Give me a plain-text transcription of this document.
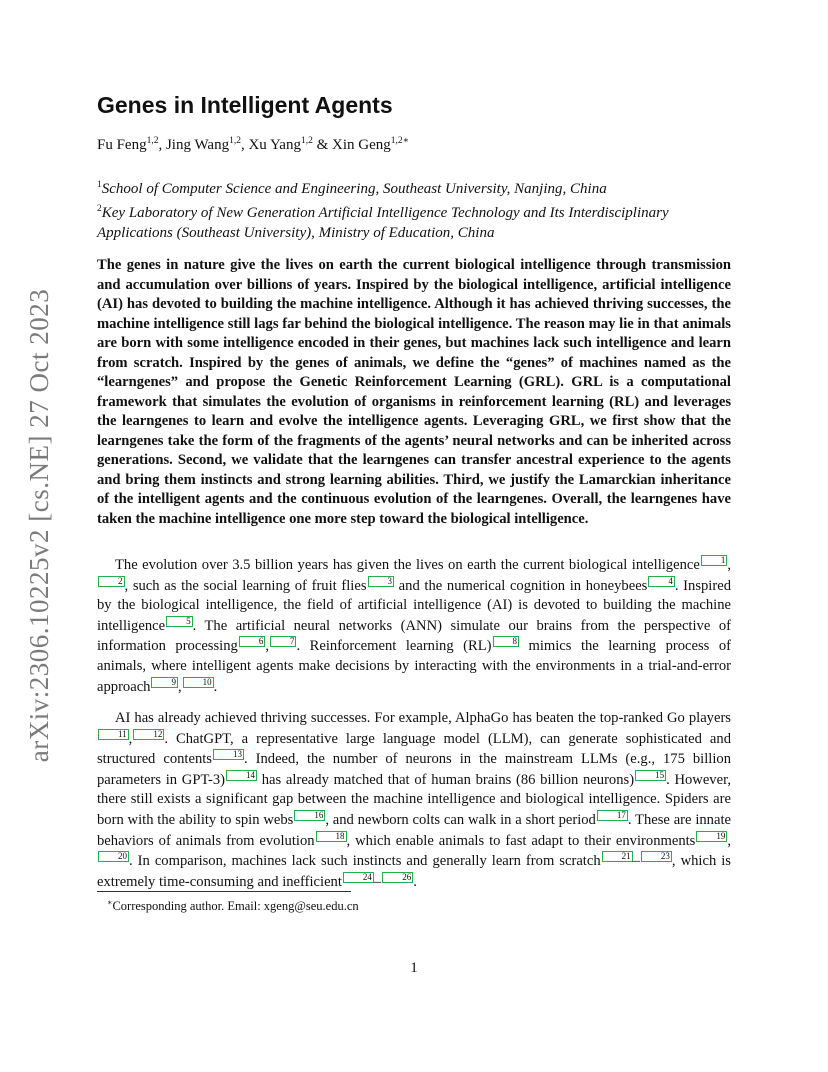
arXiv:2306.10225v2 [cs.NE] 27 Oct 2023
Genes in Intelligent Agents
Fu Feng$^{1,2}$, Jing Wang$^{1,2}$, Xu Yang$^{1,2}$ & Xin Geng$^{1,2∗}$
$^1$School of Computer Science and Engineering, Southeast University, Nanjing, China
$^2$Key Laboratory of New Generation Artificial Intelligence Technology and Its Interdisciplinary Applications (Southeast University), Ministry of Education, China
The genes in nature give the lives on earth the current biological intelligence through transmission and accumulation over billions of years. Inspired by the biological intelligence, artificial intelligence (AI) has devoted to building the machine intelligence. Although it has achieved thriving successes, the machine intelligence still lags far behind the biological intelligence. The reason may lie in that animals are born with some intelligence encoded in their genes, but machines lack such intelligence and learn from scratch. Inspired by the genes of animals, we define the “genes” of machines named as the “learngenes” and propose the Genetic Reinforcement Learning (GRL). GRL is a computational framework that simulates the evolution of organisms in reinforcement learning (RL) and leverages the learngenes to learn and evolve the intelligence agents. Leveraging GRL, we first show that the learngenes take the form of the fragments of the agents’ neural networks and can be inherited across generations. Second, we validate that the learngenes can transfer ancestral experience to the agents and bring them instincts and strong learning abilities. Third, we justify the Lamarckian inheritance of the intelligent agents and the continuous evolution of the learngenes. Overall, the learngenes have taken the machine intelligence one more step toward the biological intelligence.
The evolution over 3.5 billion years has given the lives on earth the current biological intelligence 1 ,2 , such as the social learning of fruit flies 3 and the numerical cognition in honeybees 4 . Inspired by the biological intelligence, the field of artificial intelligence (AI) is devoted to building the machine intelligence 5 . The artificial neural networks (ANN) simulate our brains from the perspective of information processing 6 , 7 . Reinforcement learning (RL) 8 mimics the learning process of animals, where intelligent agents make decisions by interacting with the environments in a trial-and-error approach 9 , 10 .
AI has already achieved thriving successes. For example, AlphaGo has beaten the top-ranked Go players11 , 12 . ChatGPT, a representative large language model (LLM), can generate sophisticated and structured contents 13 . Indeed, the number of neurons in the mainstream LLMs (e.g., 175 billion parameters in GPT-3) 14 has already matched that of human brains (86 billion neurons) 15 . However, there still exists a significant gap between the machine intelligence and biological intelligence. Spiders are born with the ability to spin webs 16 , and newborn colts can walk in a short period 17 . These are innate behaviors of animals from evolution 18 , which enable animals to fast adapt to their environments 19 ,20 . In comparison, machines lack such instincts and generally learn from scratch 21 – 23 , which is extremely time-consuming and inefficient 24 – 26 .
∗Corresponding author. Email: xgeng@seu.edu.cn
1
